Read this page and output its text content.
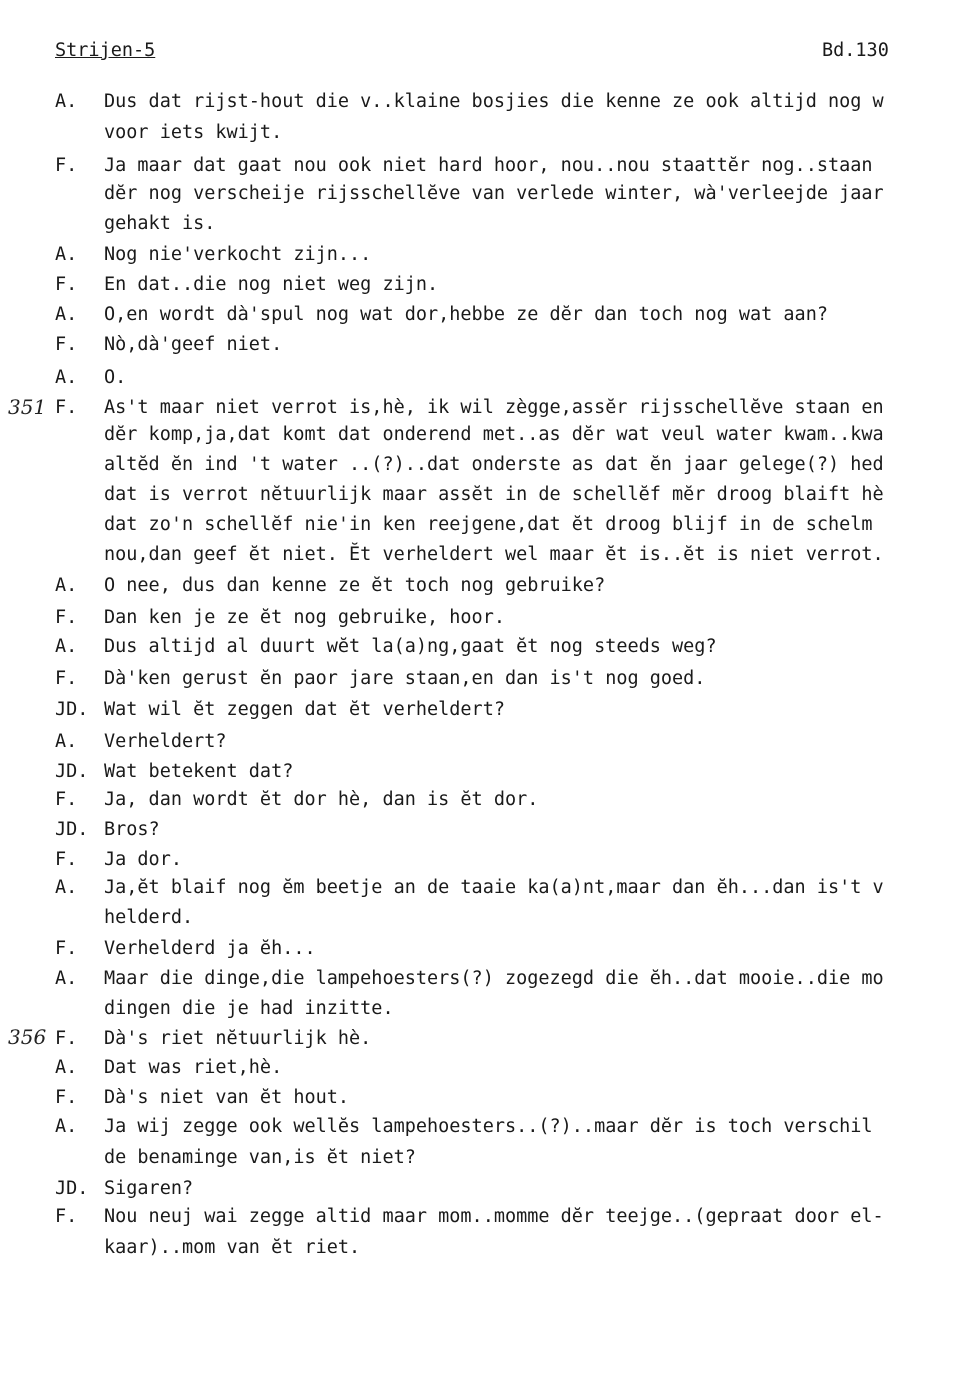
Strijen-5	Bd.130
351
356
A. Dus dat rijst-hout die v..klaine bosjies die kenne ze ook altijd nog w
voor iets kwijt.
F. Ja maar dat gaat nou ook niet hard hoor, nou..nou staattĕr nog..staan
dĕr nog verscheije rijsschellĕve van verlede winter, wà'verleejde jaar
gehakt is.
A. Nog nie'verkocht zijn...
F. En dat..die nog niet weg zijn.
A. O,en wordt dà'spul nog wat dor,hebbe ze dĕr dan toch nog wat aan?
F. Nò,dà'geef niet.
A. O.
F. As't maar niet verrot is,hè, ik wil zègge,assĕr rijsschellĕve staan en
dĕr komp,ja,dat komt dat onderend met..as dĕr wat veul water kwam..kwa
altĕd ĕn ind 't water ..(?)..dat onderste as dat ĕn jaar gelege(?) hed
dat is verrot nĕtuurlijk maar assĕt in de schellĕf mĕr droog blaift hè
dat zo'n schellĕf nie'in ken reejgene,dat ĕt droog blijf in de schelm
nou,dan geef ĕt niet. Ĕt verheldert wel maar ĕt is..ĕt is niet verrot.
A. O nee, dus dan kenne ze ĕt toch nog gebruike?
F. Dan ken je ze ĕt nog gebruike, hoor.
A. Dus altijd al duurt wĕt la(a)ng,gaat ĕt nog steeds weg?
F. Dà'ken gerust ĕn paor jare staan,en dan is't nog goed.
JD. Wat wil ĕt zeggen dat ĕt verheldert?
A. Verheldert?
JD. Wat betekent dat?
F. Ja, dan wordt ĕt dor hè, dan is ĕt dor.
JD. Bros?
F. Ja dor.
A. Ja,ĕt blaif nog ĕm beetje an de taaie ka(a)nt,maar dan ĕh...dan is't v
helderd.
F. Verhelderd ja ĕh...
A. Maar die dinge,die lampehoesters(?) zogezegd die ĕh..dat mooie..die mo
dingen die je had inzitte.
F. Dà's riet nĕtuurlijk hè.
A. Dat was riet,hè.
F. Dà's niet van ĕt hout.
A. Ja wij zegge ook wellĕs lampehoesters..(?)..maar dĕr is toch verschil
de benaminge van,is ĕt niet?
JD. Sigaren?
F. Nou neuj wai zegge altid maar mom..momme dĕr teejge..(gepraat door el-
kaar)..mom van ĕt riet.
